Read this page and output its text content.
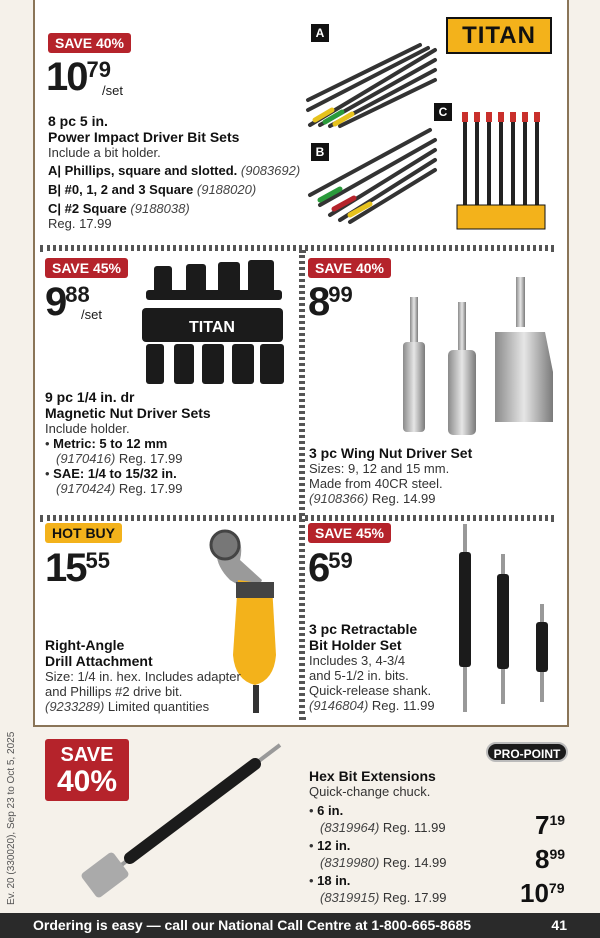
TITAN
SAVE 40%
1079
/set
8 pc 5 in.
Power Impact Driver Bit Sets
Include a bit holder.
A| Phillips, square and slotted. (9083692)
B| #0, 1, 2 and 3 Square (9188020)
C| #2 Square (9188038)
Reg. 17.99
A
B
C
SAVE 45%
988
/set
TITAN
9 pc 1/4 in. dr
Magnetic Nut Driver Sets
Include holder.
• Metric: 5 to 12 mm
(9170416) Reg. 17.99
• SAE: 1/4 to 15/32 in.
(9170424) Reg. 17.99
SAVE 40%
899
3 pc Wing Nut Driver Set
Sizes: 9, 12 and 15 mm.
Made from 40CR steel.
(9108366) Reg. 14.99
HOT BUY
1555
Right-Angle
Drill Attachment
Size: 1/4 in. hex. Includes adapter
and Phillips #2 drive bit.
(9233289) Limited quantities
SAVE 45%
659
3 pc Retractable
Bit Holder Set
Includes 3, 4-3/4
and 5-1/2 in. bits.
Quick-release shank.
(9146804) Reg. 11.99
SAVE
40%
PRO-POINT
Hex Bit Extensions
Quick-change chuck.
• 6 in.
(8319964) Reg. 11.99
• 12 in.
(8319980) Reg. 14.99
• 18 in.
(8319915) Reg. 17.99
719
899
1079
Ev. 20 (330020), Sep 23 to Oct 5, 2025
Ordering is easy — call our National Call Centre at 1-800-665-8685	41
